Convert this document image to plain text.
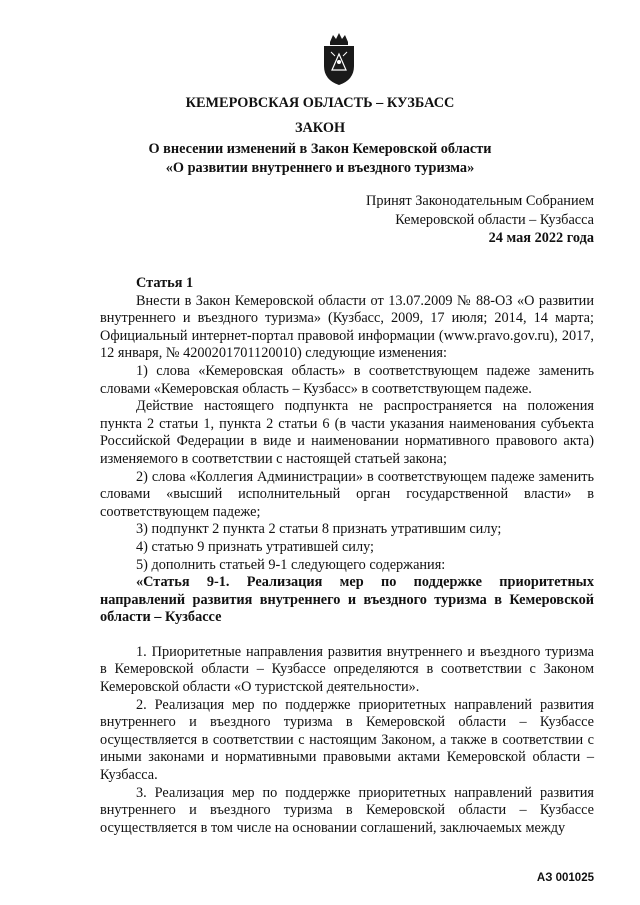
КЕМЕРОВСКАЯ ОБЛАСТЬ – КУЗБАСС
ЗАКОН
О внесении изменений в Закон Кемеровской области
«О развитии внутреннего и въездного туризма»
Принят Законодательным Собранием
Кемеровской области – Кузбасса
24 мая 2022 года

Статья 1

Внести в Закон Кемеровской области от 13.07.2009 № 88-ОЗ «О развитии внутреннего и въездного туризма» (Кузбасс, 2009, 17 июля; 2014, 14 марта; Официальный интернет-портал правовой информации (www.pravo.gov.ru), 2017, 12 января, № 4200201701120010) следующие изменения:

1) слова «Кемеровская область» в соответствующем падеже заменить словами «Кемеровская область – Кузбасс» в соответствующем падеже.

Действие настоящего подпункта не распространяется на положения пункта 2 статьи 1, пункта 2 статьи 6 (в части указания наименования субъекта Российской Федерации в виде и наименовании нормативного правового акта) изменяемого в соответствии с настоящей статьей закона;

2) слова «Коллегия Администрации» в соответствующем падеже заменить словами «высший исполнительный орган государственной власти» в соответствующем падеже;

3) подпункт 2 пункта 2 статьи 8 признать утратившим силу;

4) статью 9 признать утратившей силу;

5) дополнить статьей 9-1 следующего содержания:

«Статья 9-1. Реализация мер по поддержке приоритетных направлений развития внутреннего и въездного туризма в Кемеровской области – Кузбассе

1. Приоритетные направления развития внутреннего и въездного туризма в Кемеровской области – Кузбассе определяются в соответствии с Законом Кемеровской области «О туристской деятельности».

2. Реализация мер по поддержке приоритетных направлений развития внутреннего и въездного туризма в Кемеровской области – Кузбассе осуществляется в соответствии с настоящим Законом, а также в соответствии с иными законами и нормативными правовыми актами Кемеровской области – Кузбасса.

3. Реализация мер по поддержке приоритетных направлений развития внутреннего и въездного туризма в Кемеровской области – Кузбассе осуществляется в том числе на основании соглашений, заключаемых между

АЗ 001025
